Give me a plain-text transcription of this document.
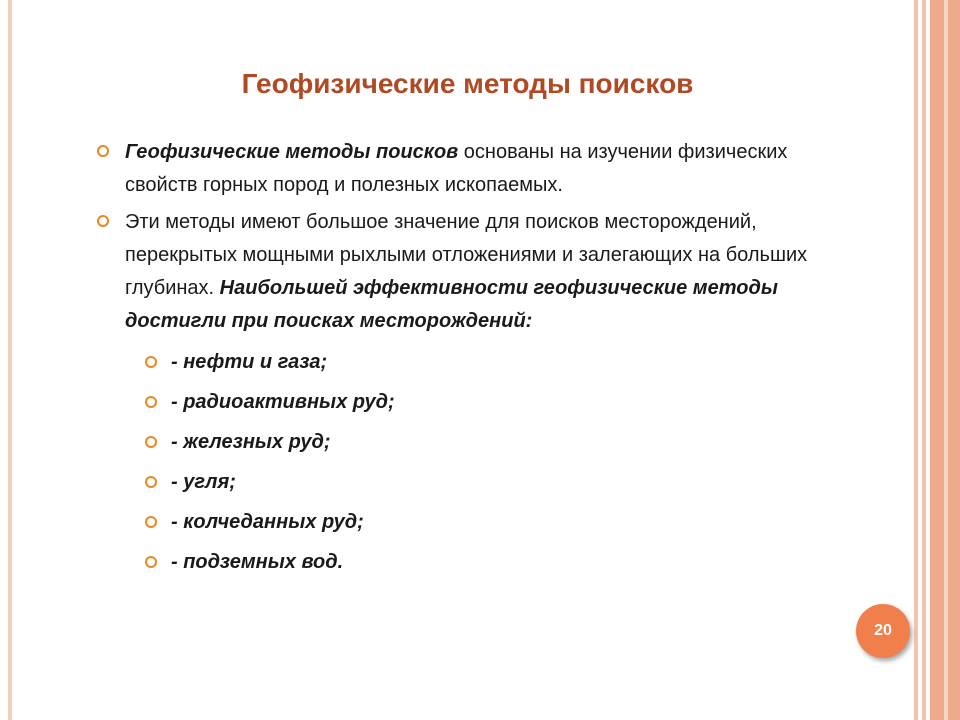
Геофизические методы поисков
Геофизические методы поисков основаны на изучении физических свойств горных пород и полезных ископаемых.
Эти методы имеют большое значение для поисков месторождений, перекрытых мощными рыхлыми отложениями и залегающих на больших глубинах. Наибольшей эффективности геофизические методы достигли при поисках месторождений:
- нефти и газа;
- радиоактивных руд;
- железных руд;
- угля;
- колчеданных руд;
- подземных вод.
20
